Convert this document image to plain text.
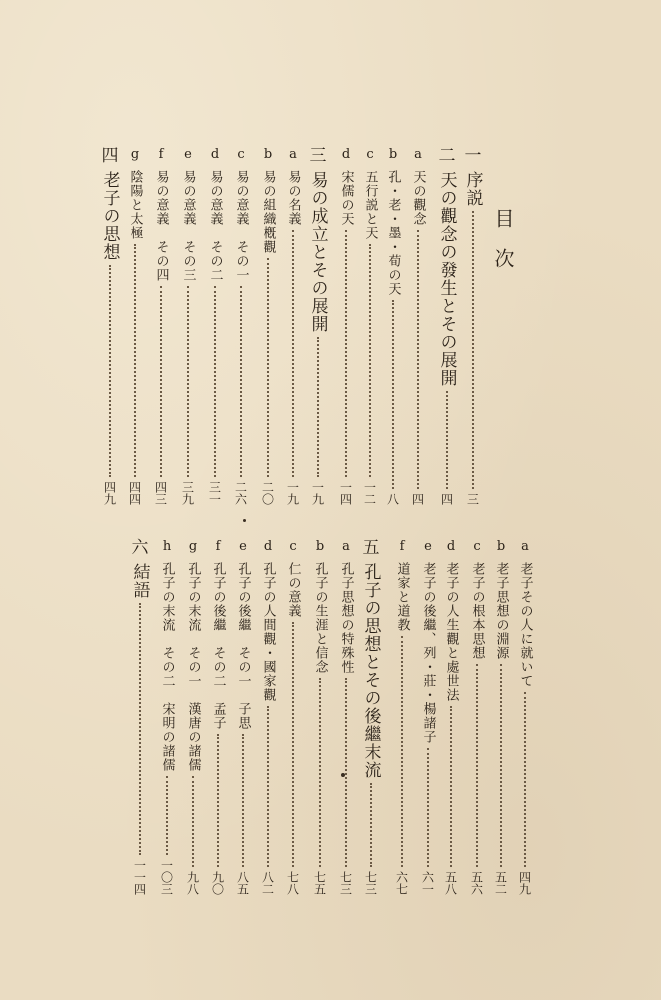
目次
一
序説
三
二
天の觀念の發生とその展開
四
a
天の觀念
四
b
孔・老・墨・荀の天
八
c
五行説と天
一二
d
宋儒の天
一四
三
易の成立とその展開
一九
a
易の名義
一九
b
易の組織槪觀
二〇
c
易の意義　その一
二六
d
易の意義　その二
三一
e
易の意義　その三
三九
f
易の意義　その四
四三
g
陰陽と太極
四四
四
老子の思想
四九
a
老子その人に就いて
四九
b
老子思想の淵源
五二
c
老子の根本思想
五六
d
老子の人生觀と處世法
五八
e
老子の後繼、列・莊・楊諸子
六一
f
道家と道教
六七
五
孔子の思想とその後繼末流
七三
a
孔子思想の特殊性
七三
b
孔子の生涯と信念
七五
c
仁の意義
七八
d
孔子の人間觀・國家觀
八二
e
孔子の後繼　その一　子思
八五
f
孔子の後繼　その二　孟子
九〇
g
孔子の末流　その一　漢唐の諸儒
九八
h
孔子の末流　その二　宋明の諸儒
一〇三
六
結語
一一四
